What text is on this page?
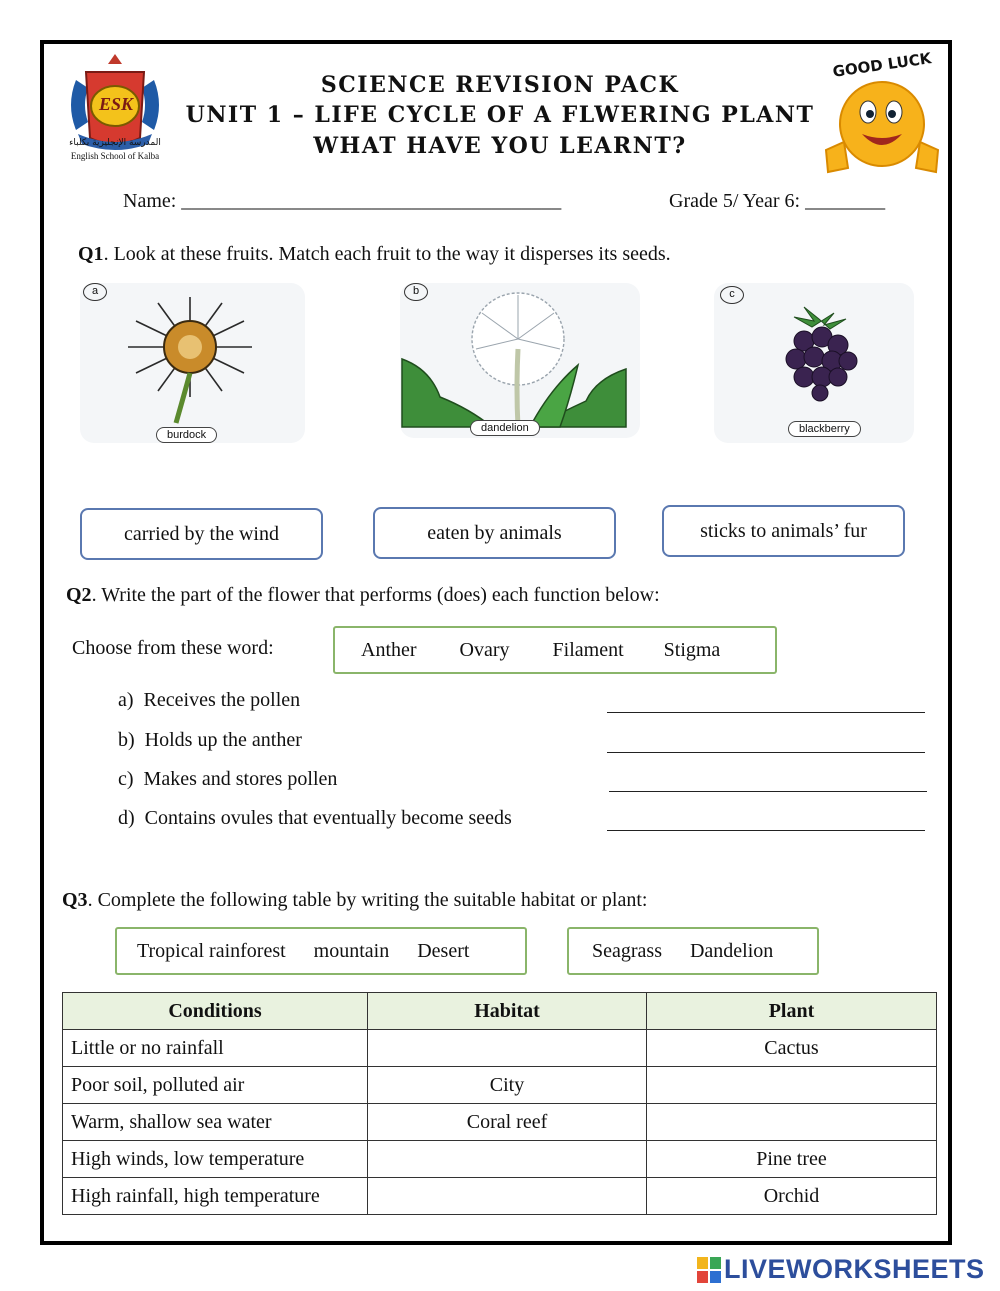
ESK
المدرسة الإنجليزية بكلباء
English School of Kalba
SCIENCE REVISION PACK
UNIT 1 – LIFE CYCLE OF A FLWERING PLANT
WHAT HAVE YOU LEARNT?
GOOD LUCK
Name: ______________________________________	Grade 5/ Year 6: ________
Q1. Look at these fruits. Match each fruit to the way it disperses its seeds.
a
burdock
b
dandelion
c
blackberry
carried by the wind	eaten by animals	sticks to animals’ fur
Q2. Write the part of the flower that performs (does) each function below:
Choose from these word:	Anther Ovary Filament Stigma
a) Receives the pollen
b) Holds up the anther
c) Makes and stores pollen
d) Contains ovules that eventually become seeds
Q3. Complete the following table by writing the suitable habitat or plant:
Tropical rainforest mountain Desert	Seagrass Dandelion
Conditions	Habitat	Plant
Little or no rainfall		Cactus
Poor soil, polluted air	City	
Warm, shallow sea water	Coral reef	
High winds, low temperature		Pine tree
High rainfall, high temperature		Orchid
LIVEWORKSHEETS
